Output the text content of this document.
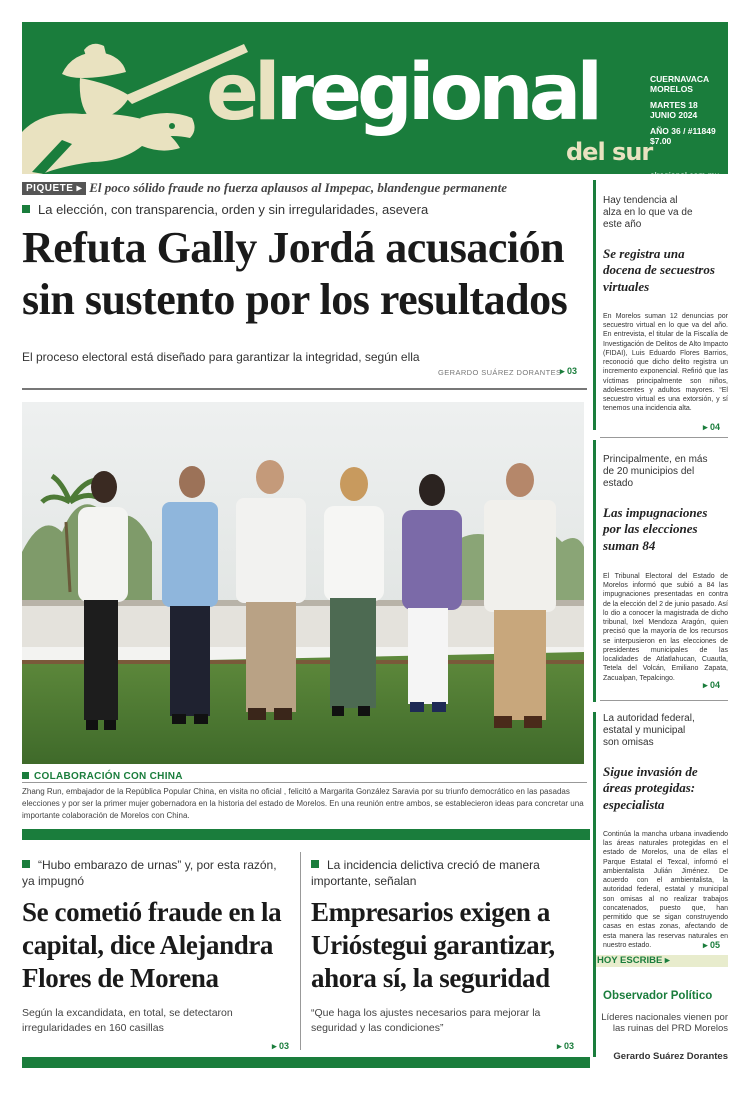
elregional
del sur
CUERNAVACA
MORELOS
MARTES 18
JUNIO 2024
AÑO 36 / #11849
$7.00
elregional.com.mx
PIQUETE ▸ El poco sólido fraude no fuerza aplausos al Impepac, blandengue permanente
La elección, con transparencia, orden y sin irregularidades, asevera
Refuta Gally Jordá acusación
sin sustento por los resultados
El proceso electoral está diseñado para garantizar la integridad, según ella
GERARDO SUÁREZ DORANTES
▸ 03
COLABORACIÓN CON CHINA
Zhang Run, embajador de la República Popular China, en visita no oficial , felicitó a Margarita González Saravia por su triunfo democrático en las pasadas elecciones y por ser la primer mujer gobernadora en la historia del estado de Morelos. En una reunión entre ambos, se establecieron ideas para concretar una importante colaboración de Morelos con China.
“Hubo embarazo de urnas” y, por esta razón, ya impugnó
Se cometió fraude en la capital, dice Alejandra Flores de Morena
Según la excandidata, en total, se detectaron irregularidades en 160 casillas
▸ 03
La incidencia delictiva creció de manera importante, señalan
Empresarios exigen a Urióstegui garantizar, ahora sí, la seguridad
“Que haga los ajustes necesarios para mejorar la seguridad y las condiciones”
▸ 03
Hay tendencia al alza en lo que va de este año
Se registra una docena de secuestros virtuales
En Morelos suman 12 denuncias por secuestro virtual en lo que va del año. En entrevista, el titular de la Fiscalía de Investigación de Delitos de Alto Impacto (FIDAI), Luis Eduardo Flores Barrios, reconoció que dicho delito registra un incremento exponencial. Refirió que las víctimas principalmente son niños, adolescentes y adultos mayores. “El secuestro virtual es una extorsión, y sí tenemos una incidencia alta.
▸ 04
Principalmente, en más de 20 municipios del estado
Las impugnaciones por las elecciones suman 84
El Tribunal Electoral del Estado de Morelos informó que subió a 84 las impugnaciones presentadas en contra de la elección del 2 de junio pasado. Así lo dio a conocer la magistrada de dicho tribunal, Ixel Mendoza Aragón, quien precisó que la mayoría de los recursos se interpusieron en las elecciones de presidentes municipales de las localidades de Atlatlahucan, Cuautla, Tetela del Volcán, Emiliano Zapata, Zacualpan, Tepalcingo.
▸ 04
La autoridad federal, estatal y municipal son omisas
Sigue invasión de áreas protegidas: especialista
Continúa la mancha urbana invadiendo las áreas naturales protegidas en el estado de Morelos, una de ellas el Parque Estatal el Texcal, informó el ambientalista Julián Jiménez. De acuerdo con el ambientalista, la autoridad federal, estatal y municipal son omisas al no realizar trabajos concatenados, puesto que, han permitido que se sigan construyendo casas en estas zonas, afectando de esta manera las reservas naturales en nuestro estado.	▸ 05
HOY ESCRIBE ▸
Observador Político
Líderes nacionales vienen por las ruinas del PRD Morelos
Gerardo Suárez Dorantes
